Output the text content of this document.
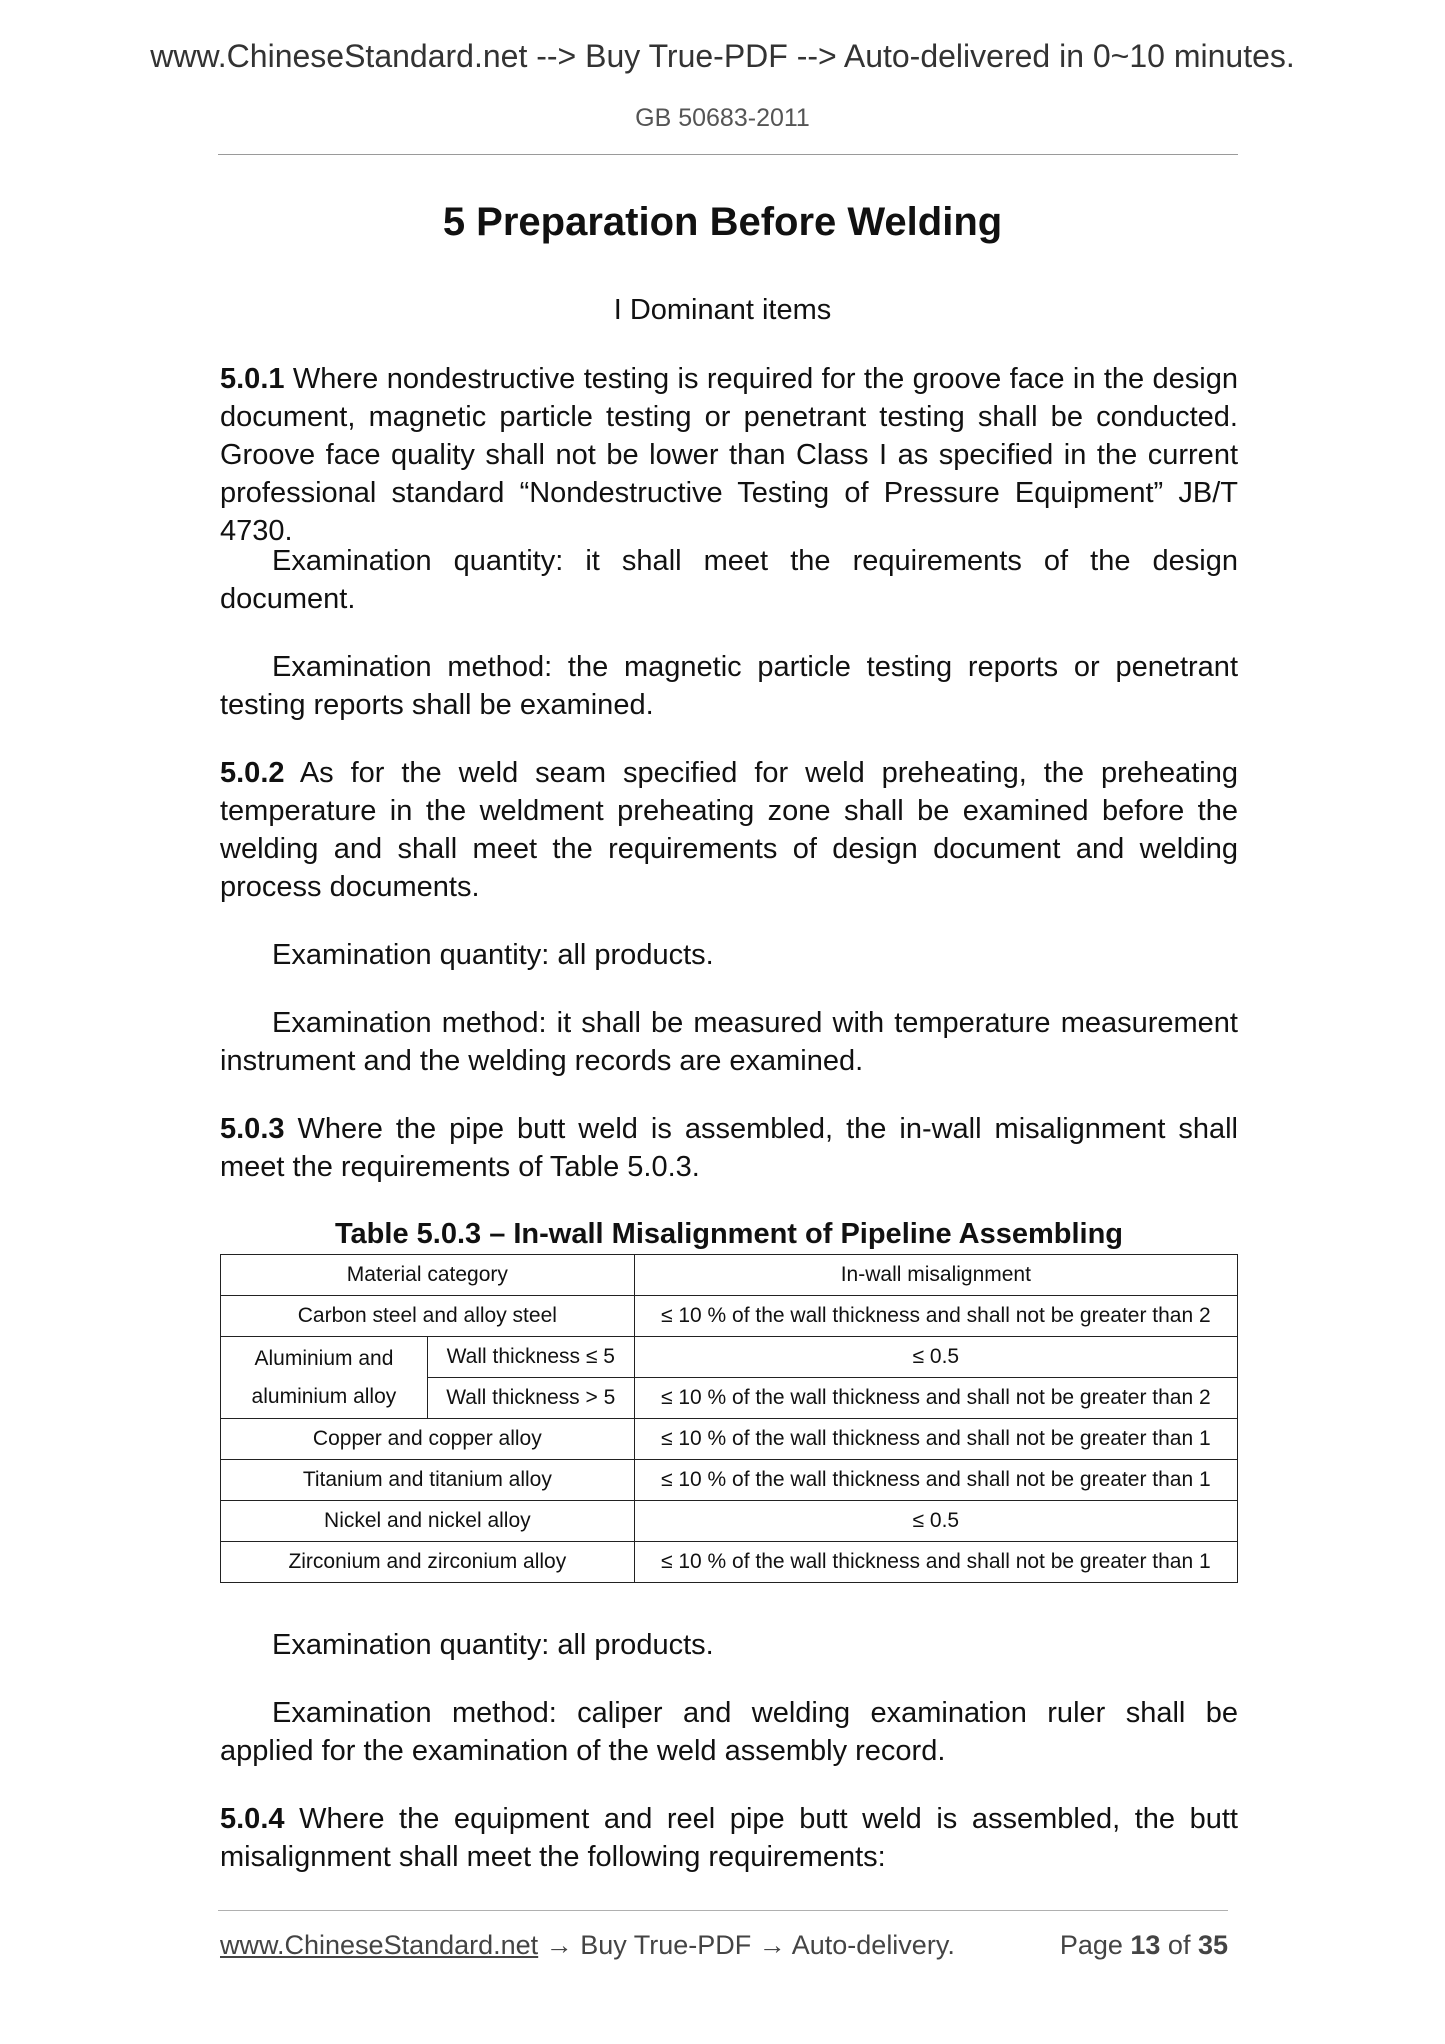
www.ChineseStandard.net --> Buy True-PDF --> Auto-delivered in 0~10 minutes.
GB 50683-2011
5 Preparation Before Welding
I Dominant items

5.0.1 Where nondestructive testing is required for the groove face in the design document, magnetic particle testing or penetrant testing shall be conducted. Groove face quality shall not be lower than Class I as specified in the current professional standard “Nondestructive Testing of Pressure Equipment” JB/T 4730.

Examination quantity: it shall meet the requirements of the design document.

Examination method: the magnetic particle testing reports or penetrant testing reports shall be examined.

5.0.2 As for the weld seam specified for weld preheating, the preheating temperature in the weldment preheating zone shall be examined before the welding and shall meet the requirements of design document and welding process documents.

Examination quantity: all products.

Examination method: it shall be measured with temperature measurement instrument and the welding records are examined.

5.0.3 Where the pipe butt weld is assembled, the in-wall misalignment shall meet the requirements of Table 5.0.3.

Table 5.0.3 – In-wall Misalignment of Pipeline Assembling
Material category		In-wall misalignment
Carbon steel and alloy steel		≤ 10 % of the wall thickness and shall not be greater than 2
Aluminium and aluminium alloy	Wall thickness ≤ 5	≤ 0.5
	Wall thickness > 5	≤ 10 % of the wall thickness and shall not be greater than 2
Copper and copper alloy		≤ 10 % of the wall thickness and shall not be greater than 1
Titanium and titanium alloy		≤ 10 % of the wall thickness and shall not be greater than 1
Nickel and nickel alloy		≤ 0.5
Zirconium and zirconium alloy		≤ 10 % of the wall thickness and shall not be greater than 1

Examination quantity: all products.

Examination method: caliper and welding examination ruler shall be applied for the examination of the weld assembly record.

5.0.4 Where the equipment and reel pipe butt weld is assembled, the butt misalignment shall meet the following requirements:

www.ChineseStandard.net → Buy True-PDF → Auto-delivery.	Page 13 of 35
